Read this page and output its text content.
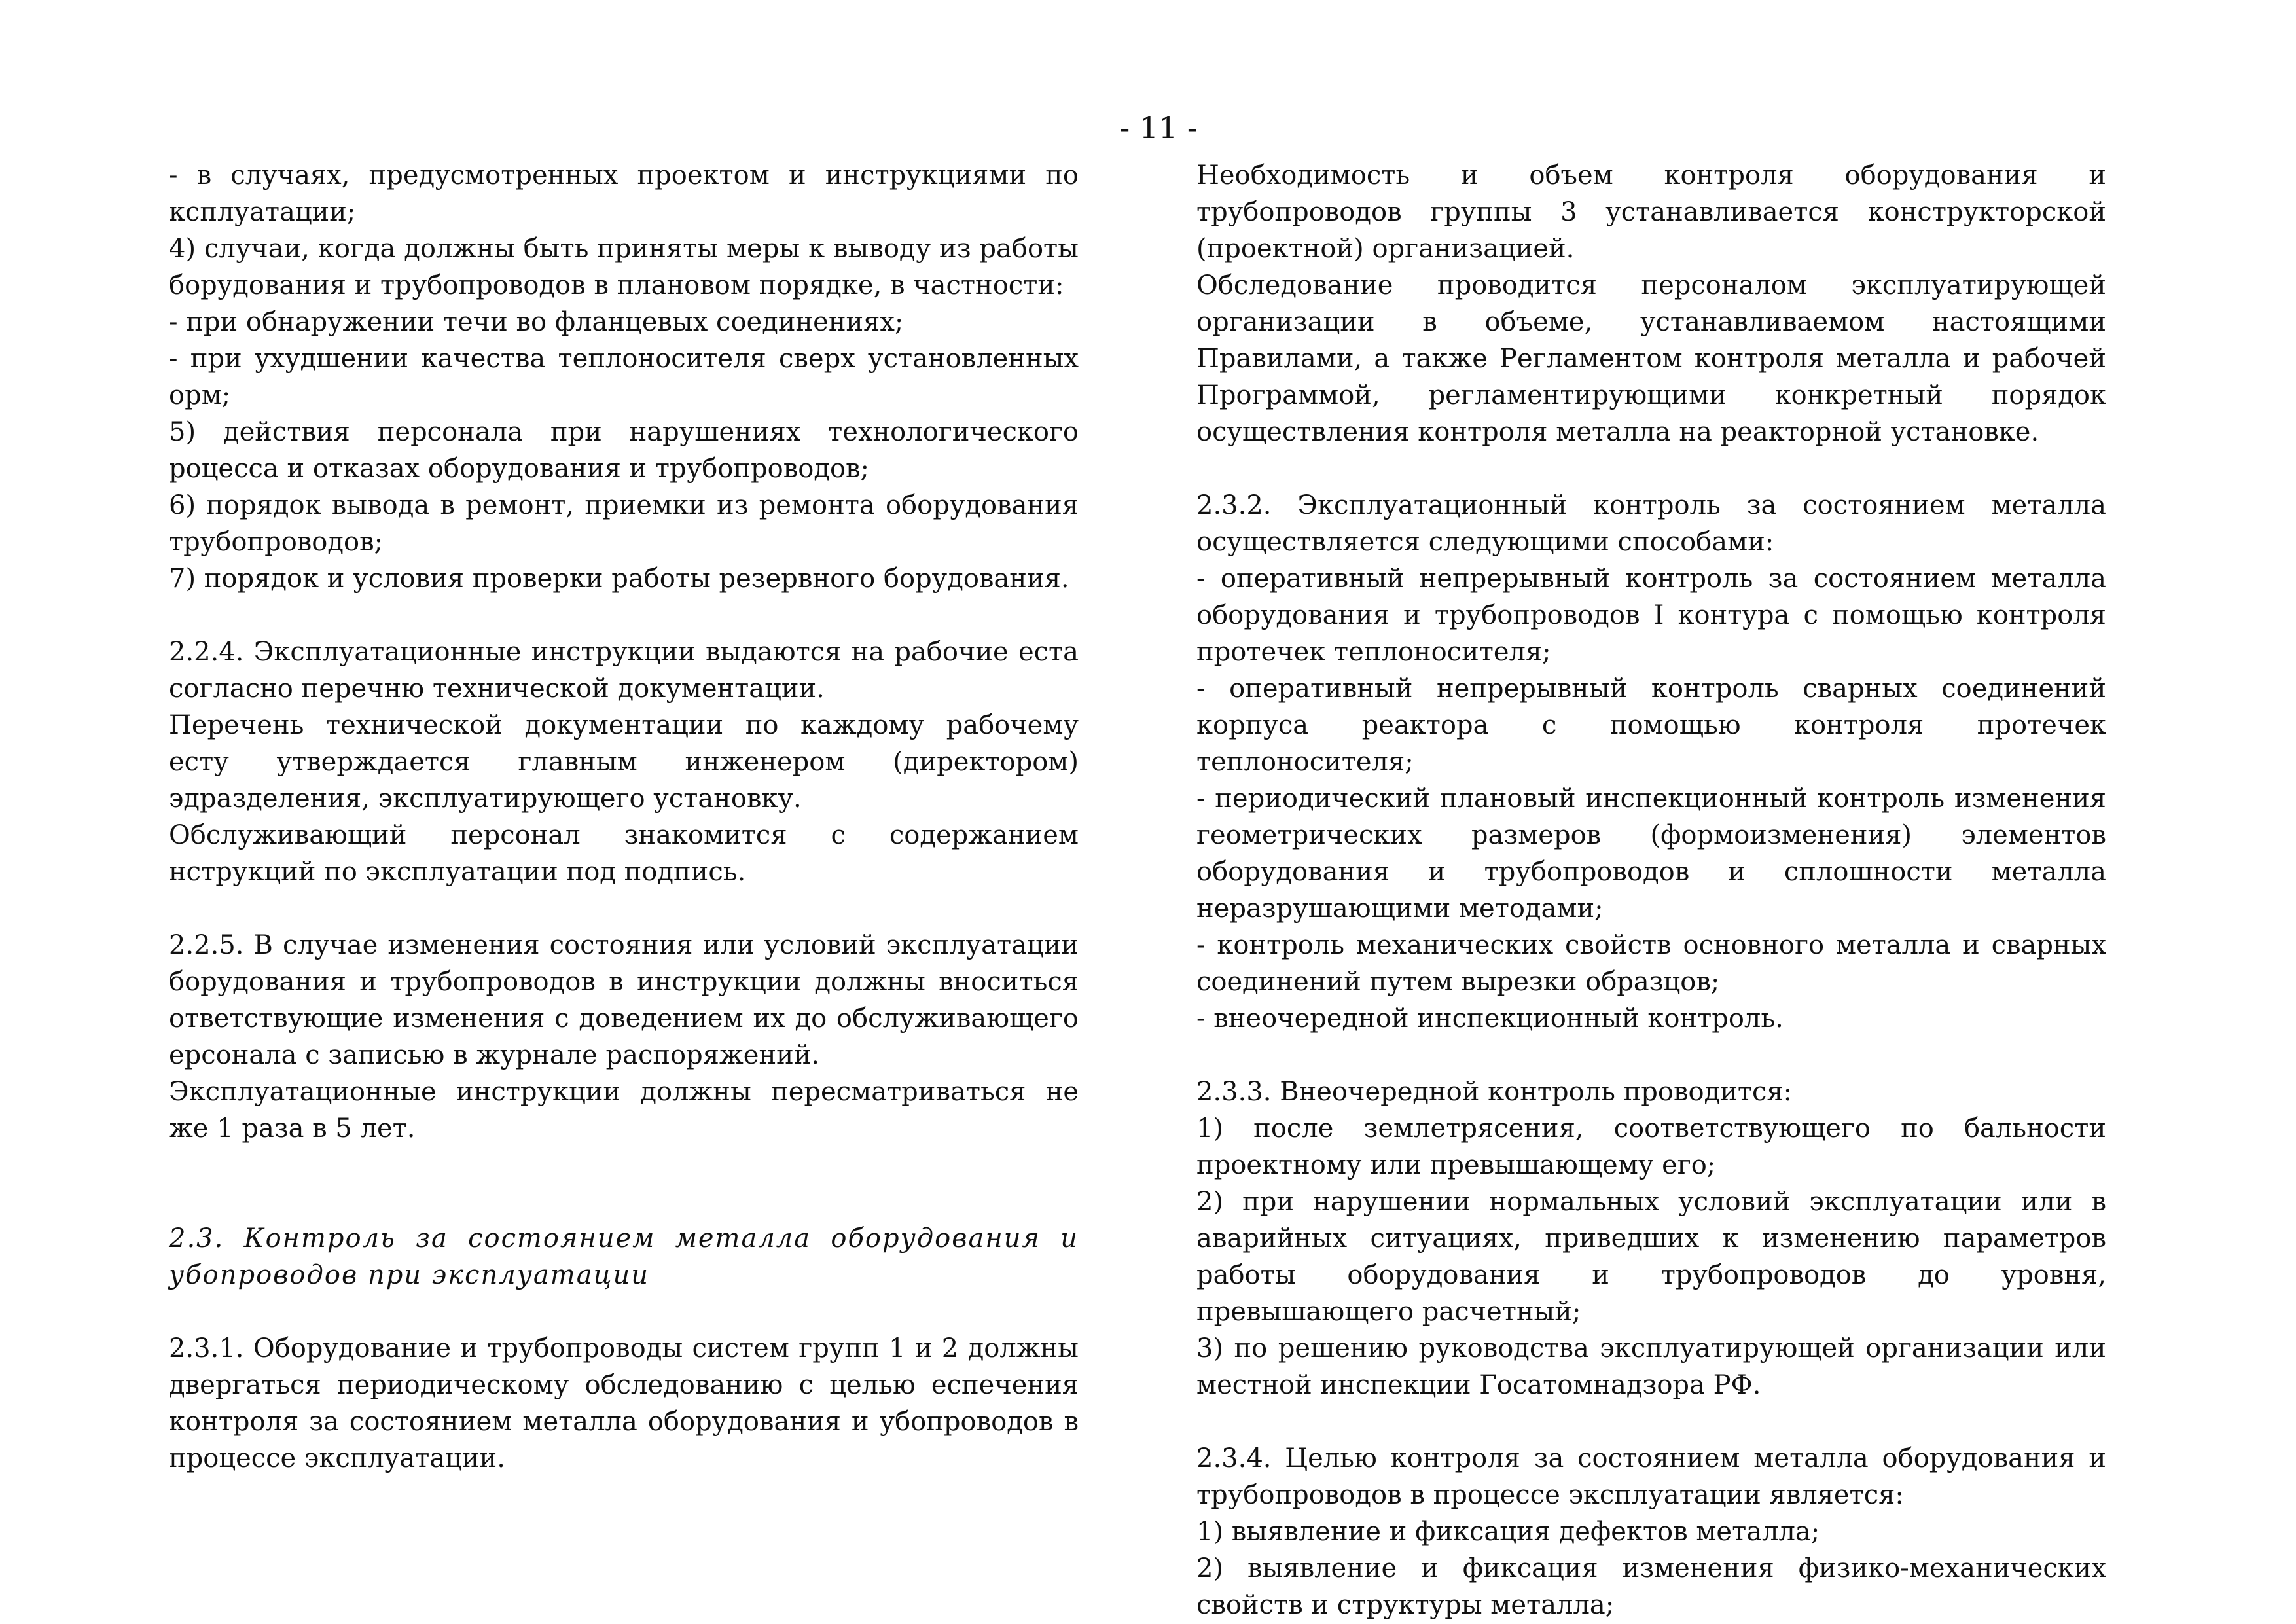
- 11 -

- в случаях, предусмотренных проектом и инструкциями по ксплуатации;

4) случаи, когда должны быть приняты меры к выводу из работы борудования и трубопроводов в плановом порядке, в частности:

- при обнаружении течи во фланцевых соединениях;

- при ухудшении качества теплоносителя сверх установленных орм;

5) действия персонала при нарушениях технологического роцесса и отказах оборудования и трубопроводов;

6) порядок вывода в ремонт, приемки из ремонта оборудования трубопроводов;

7) порядок и условия проверки работы резервного борудования.

2.2.4. Эксплуатационные инструкции выдаются на рабочие еста согласно перечню технической документации.

Перечень технической документации по каждому рабочему есту утверждается главным инженером (директором) эдразделения, эксплуатирующего установку.

Обслуживающий персонал знакомится с содержанием нструкций по эксплуатации под подпись.

2.2.5. В случае изменения состояния или условий эксплуатации борудования и трубопроводов в инструкции должны вноситься ответствующие изменения с доведением их до обслуживающего ерсонала с записью в журнале распоряжений.

Эксплуатационные инструкции должны пересматриваться не же 1 раза в 5 лет.

2.3. Контроль за состоянием металла оборудования и убопроводов при эксплуатации

2.3.1. Оборудование и трубопроводы систем групп 1 и 2 должны двергаться периодическому обследованию с целью еспечения контроля за состоянием металла оборудования и убопроводов в процессе эксплуатации.

Необходимость и объем контроля оборудования и трубопроводов группы 3 устанавливается конструкторской (проектной) организацией.

Обследование проводится персоналом эксплуатирующей организации в объеме, устанавливаемом настоящими Правилами, а также Регламентом контроля металла и рабочей Программой, регламентирующими конкретный порядок осуществления контроля металла на реакторной установке.

2.3.2. Эксплуатационный контроль за состоянием металла осуществляется следующими способами:

- оперативный непрерывный контроль за состоянием металла оборудования и трубопроводов I контура с помощью контроля протечек теплоносителя;

- оперативный непрерывный контроль сварных соединений корпуса реактора с помощью контроля протечек теплоносителя;

- периодический плановый инспекционный контроль изменения геометрических размеров (формоизменения) элементов оборудования и трубопроводов и сплошности металла неразрушающими методами;

- контроль механических свойств основного металла и сварных соединений путем вырезки образцов;

- внеочередной инспекционный контроль.

2.3.3. Внеочередной контроль проводится:

1) после землетрясения, соответствующего по бальности проектному или превышающему его;

2) при нарушении нормальных условий эксплуатации или в аварийных ситуациях, приведших к изменению параметров работы оборудования и трубопроводов до уровня, превышающего расчетный;

3) по решению руководства эксплуатирующей организации или местной инспекции Госатомнадзора РФ.

2.3.4. Целью контроля за состоянием металла оборудования и трубопроводов в процессе эксплуатации является:

1) выявление и фиксация дефектов металла;

2) выявление и фиксация изменения физико-механических свойств и структуры металла;
